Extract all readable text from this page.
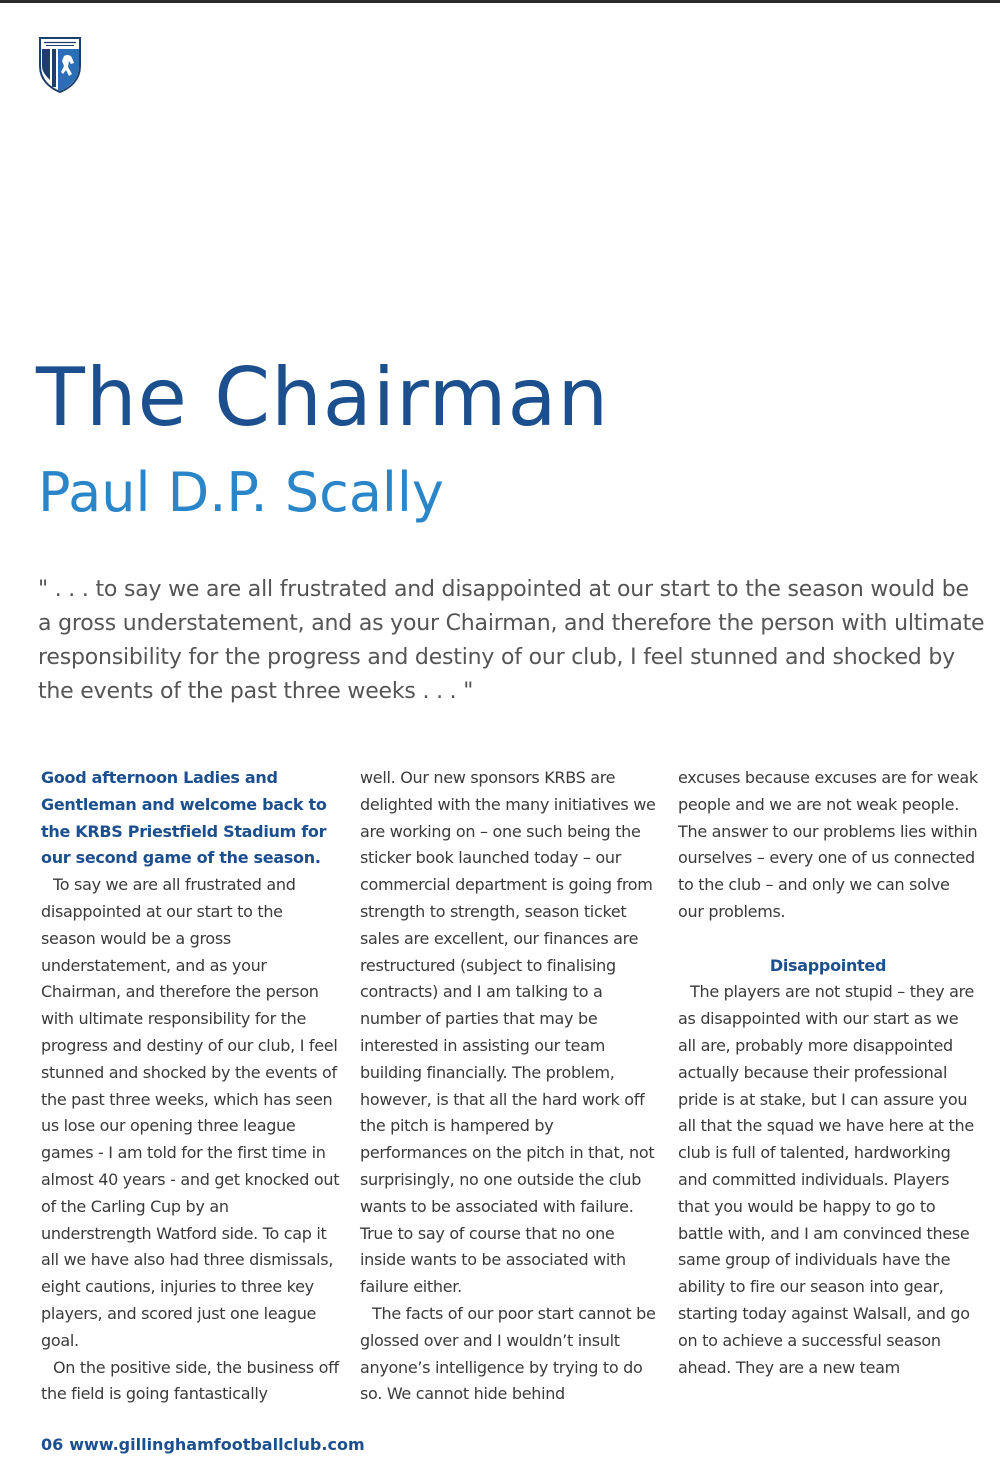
The Chairman
Paul D.P. Scally

" . . . to say we are all frustrated and disappointed at our start to the season would be a gross understatement, and as your Chairman, and therefore the person with ultimate responsibility for the progress and destiny of our club, I feel stunned and shocked by the events of the past three weeks . . . "

Good afternoon Ladies and Gentleman and welcome back to the KRBS Priestfield Stadium for our second game of the season.

To say we are all frustrated and disappointed at our start to the season would be a gross understatement, and as your Chairman, and therefore the person with ultimate responsibility for the progress and destiny of our club, I feel stunned and shocked by the events of the past three weeks, which has seen us lose our opening three league games - I am told for the first time in almost 40 years - and get knocked out of the Carling Cup by an understrength Watford side. To cap it all we have also had three dismissals, eight cautions, injuries to three key players, and scored just one league goal.

On the positive side, the business off the field is going fantastically

well. Our new sponsors KRBS are delighted with the many initiatives we are working on – one such being the sticker book launched today – our commercial department is going from strength to strength, season ticket sales are excellent, our finances are restructured (subject to finalising contracts) and I am talking to a number of parties that may be interested in assisting our team building financially. The problem, however, is that all the hard work off the pitch is hampered by performances on the pitch in that, not surprisingly, no one outside the club wants to be associated with failure. True to say of course that no one inside wants to be associated with failure either.

The facts of our poor start cannot be glossed over and I wouldn’t insult anyone’s intelligence by trying to do so. We cannot hide behind

excuses because excuses are for weak people and we are not weak people. The answer to our problems lies within ourselves – every one of us connected to the club – and only we can solve our problems.

Disappointed

The players are not stupid – they are as disappointed with our start as we all are, probably more disappointed actually because their professional pride is at stake, but I can assure you all that the squad we have here at the club is full of talented, hardworking and committed individuals. Players that you would be happy to go to battle with, and I am convinced these same group of individuals have the ability to fire our season into gear, starting today against Walsall, and go on to achieve a successful season ahead. They are a new team

06 www.gillinghamfootballclub.com
